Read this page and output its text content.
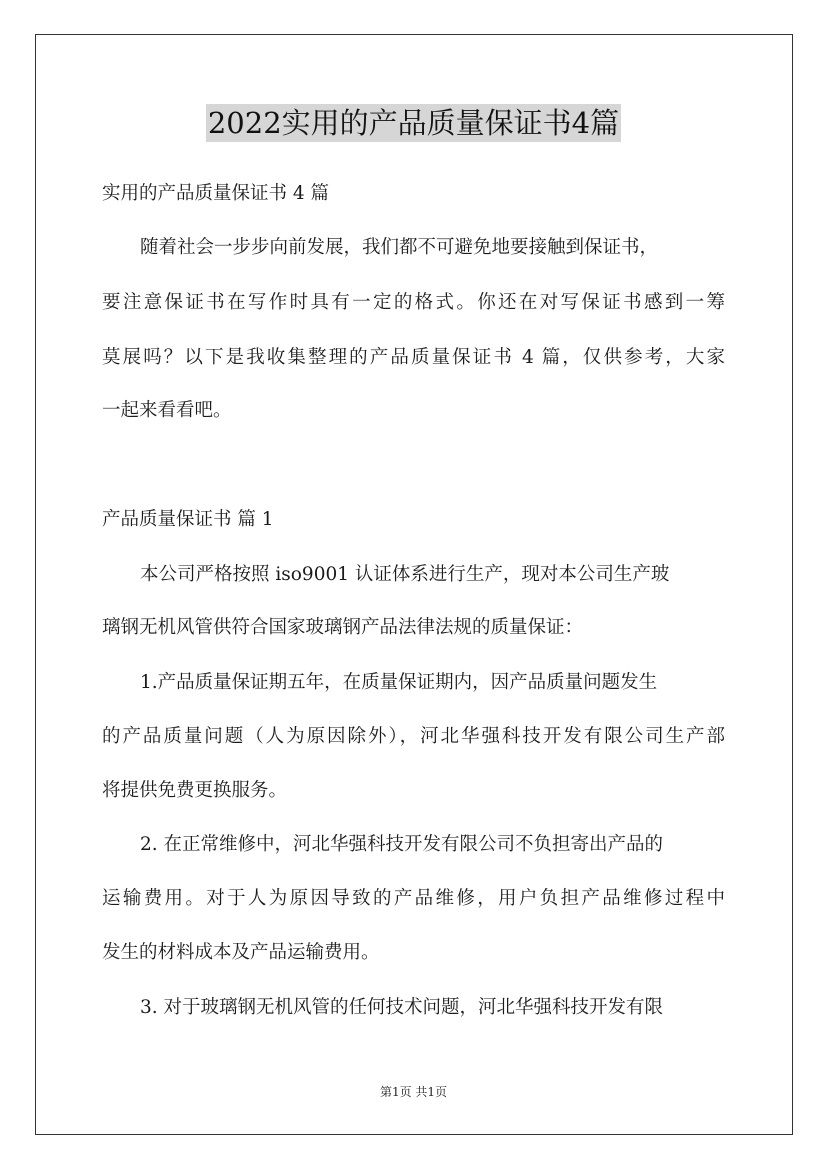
2022实用的产品质量保证书4篇
实用的产品质量保证书 4 篇
随着社会一步步向前发展，我们都不可避免地要接触到保证书，
要注意保证书在写作时具有一定的格式。你还在对写保证书感到一筹
莫展吗？以下是我收集整理的产品质量保证书 4 篇，仅供参考，大家
一起来看看吧。
产品质量保证书 篇 1
本公司严格按照 iso9001 认证体系进行生产，现对本公司生产玻
璃钢无机风管供符合国家玻璃钢产品法律法规的质量保证：
1.产品质量保证期五年，在质量保证期内，因产品质量问题发生
的产品质量问题（人为原因除外），河北华强科技开发有限公司生产部
将提供免费更换服务。
2. 在正常维修中，河北华强科技开发有限公司不负担寄出产品的
运输费用。对于人为原因导致的产品维修，用户负担产品维修过程中
发生的材料成本及产品运输费用。
3. 对于玻璃钢无机风管的任何技术问题，河北华强科技开发有限
第1页 共1页
